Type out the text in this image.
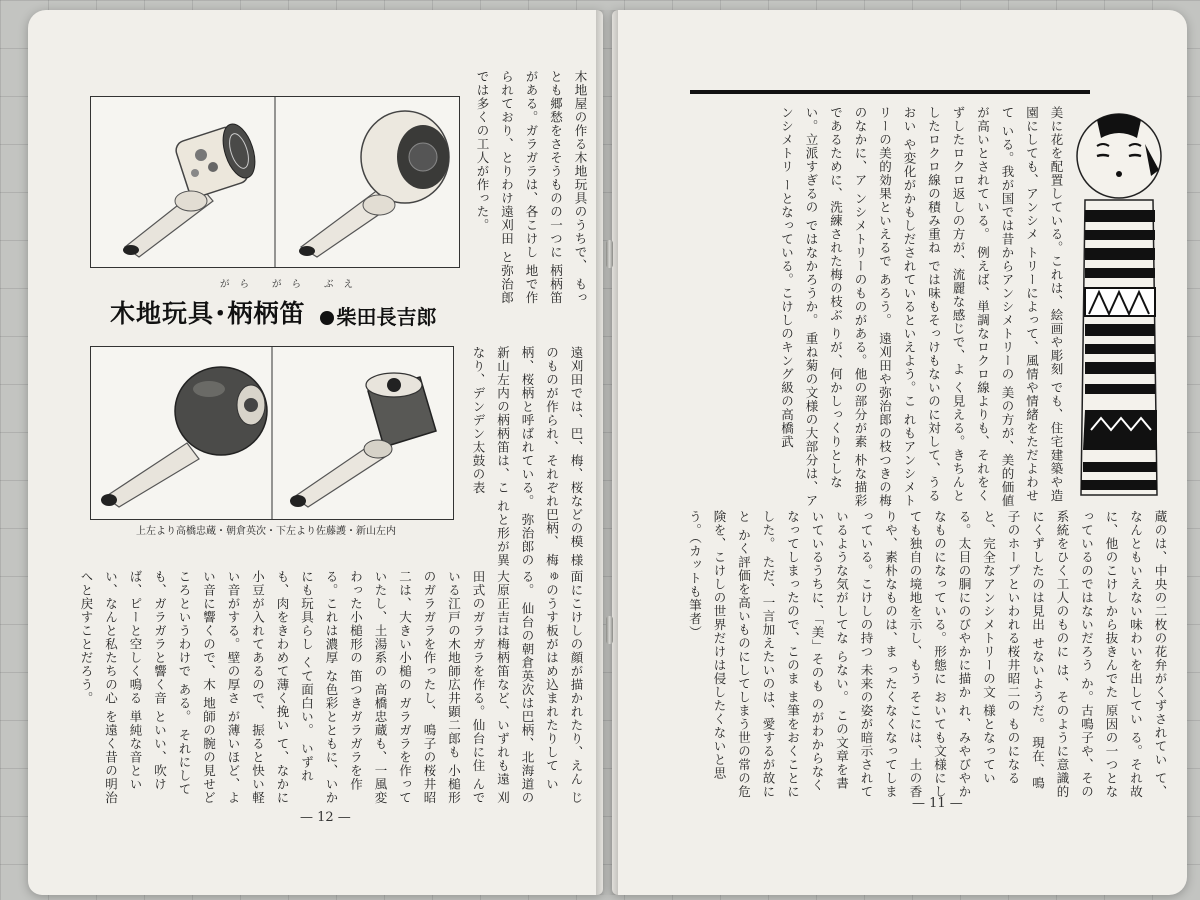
木地屋の作る木地玩具のうちで、 もっとも郷愁をさそうものの一つに 柄柄笛がある。ガラガラは、各こけし 地で作られており、とりわけ遠刈田 と弥治郎では多くの工人が作った。
がら がら ぶえ
木地玩具･柄柄笛	柴田長吉郎
遠刈田では、巴、梅、桜などの模 様のものが作られ、それぞれ巴柄、 梅柄、桜柄と呼ばれている。 弥治郎の新山左内の柄柄笛は、こ れと形が異なり、デンデン太鼓の表
上左より高橋忠蔵・朝倉英次・下左より佐藤護・新山左内
面にこけしの顔が描かれたり、えん じゅのうす板がはめ込まれたりして いる。 仙台の朝倉英次は巴柄、北海道の 大原正吉は梅柄笛など、いずれも遠 刈田式のガラガラを作る。仙台に住 んでいる江戸の木地師広井顕二郎も 小槌形のガラガラを作ったし、 鳴子の桜井昭二は、大きい小槌の ガラガラを作っていたし、土湯系の 高橋忠蔵も、一風変わった小槌形の 笛つきガラガラを作る。これは濃厚 な色彩とともに、いかにも玩具らし くて面白い。 いずれも、肉をきわめて薄く挽い て、なかに小豆が入れてあるので、 振ると快い軽い音がする。壁の厚さ が薄いほど、よい音に響くので、木 地師の腕の見せどころというわけで ある。 それにしても、ガラガラと響く音 といい、吹けば、ピーと空しく鳴る 単純な音といい、なんと私たちの心 を遠く昔の明治へと戻すことだろう。
— 12 —
美に花を配置している。これは、絵画や彫刻 でも、住宅建築や造園にしても、アンシメ トリーによって、風情や情緒をただよわせて いる。我が国では昔からアンシメトリーの 美の方が、美的価値が高いとされている。 例えば、単調なロクロ線よりも、それをく ずしたロクロ返しの方が、流麗な感じで、よ く見える。きちんとしたロクロ線の積み重ね では味もそっけもないのに対して、うるおい や変化がかもしだされているといえよう。こ れもアンシメトリーの美的効果といえるで あろう。 遠刈田や弥治郎の枝つきの梅のなかに、ア ンシメトリーのものがある。他の部分が素 朴な描彩であるために、洗練された梅の枝ぶ りが、何かしっくりとしない。立派すぎるの ではなかろうか。 重ね菊の文様の大部分は、アンシメトリ ーとなっている。こけしのキング級の高橋武
蔵のは、中央の二枚の花弁がくずされてい て、なんともいえない味わいを出してい る。それ故に、他のこけしから抜きんでた 原因の一つとなっているのではないだろう か。古鳴子や、その系統をひく工人のものに は、そのように意識的にくずしたのは見出 せないようだ。 現在、鳴子のホープといわれる桜井昭二の ものになると、完全なアンシメトリーの文 様となっている。太目の胴にのびやかに描か れ、みやびやかなものになっている。形態に おいても文様にしても独自の境地を示し、もう そこには、土の香りや、素朴なものは、ま ったくなくなってしまっている。こけしの持つ 未来の姿が暗示されているような気がしてな らない。 この文章を書いているうちに、「美」そのも のがわからなくなってしまったので、このま ま筆をおくことにした。 ただ、一言加えたいのは、愛するが故にと かく評価を高いものにしてしまう世の常の危 険を、こけしの世界だけは侵したくないと思 う。（カットも筆者）
— 11 —
